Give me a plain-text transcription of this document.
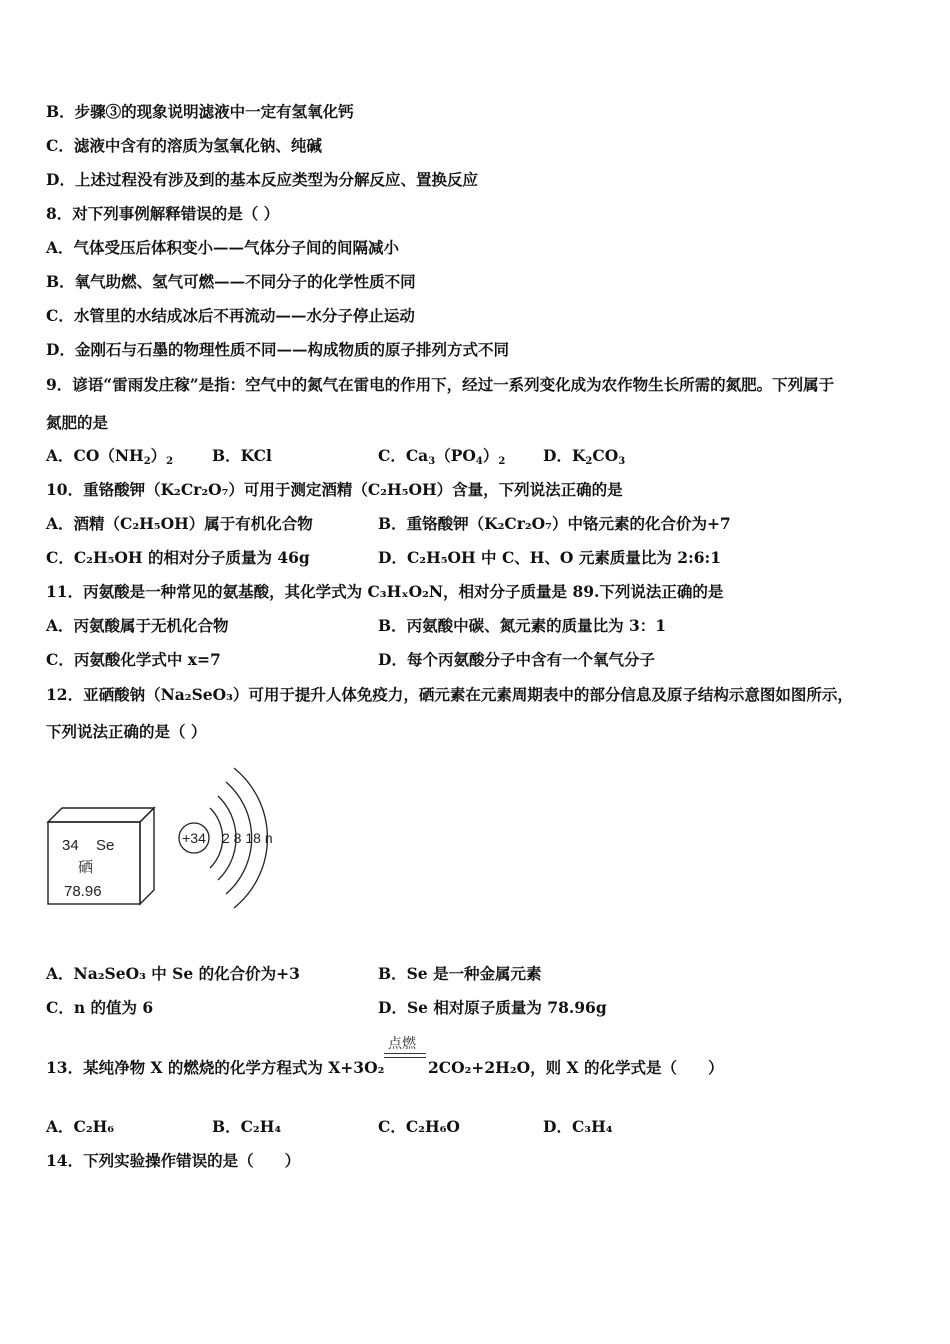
B．步骤③的现象说明滤液中一定有氢氧化钙
C．滤液中含有的溶质为氢氧化钠、纯碱
D．上述过程没有涉及到的基本反应类型为分解反应、置换反应
8．对下列事例解释错误的是（ ）
A．气体受压后体积变小——气体分子间的间隔减小
B．氧气助燃、氢气可燃——不同分子的化学性质不同
C．水管里的水结成冰后不再流动——水分子停止运动
D．金刚石与石墨的物理性质不同——构成物质的原子排列方式不同
9．谚语“雷雨发庄稼”是指：空气中的氮气在雷电的作用下，经过一系列变化成为农作物生长所需的氮肥。下列属于
氮肥的是
A．$CO(NH_2)_2$	B．KCl	C．$Ca_3(PO_4)_2$ D．$K_2CO_3$
10．重铬酸钾（K₂Cr₂O₇）可用于测定酒精（C₂H₅OH）含量，下列说法正确的是
A．酒精（C₂H₅OH）属于有机化合物	B．重铬酸钾（K₂Cr₂O₇）中铬元素的化合价为+7
C．C₂H₅OH 的相对分子质量为 46g	D．C₂H₅OH 中 C、H、O 元素质量比为 2:6:1
11．丙氨酸是一种常见的氨基酸，其化学式为 C₃HₓO₂N，相对分子质量是 89.下列说法正确的是
A．丙氨酸属于无机化合物	B．丙氨酸中碳、氮元素的质量比为 3：1
C．丙氨酸化学式中 x=7	D．每个丙氨酸分子中含有一个氧气分子
12．亚硒酸钠（Na₂SeO₃）可用于提升人体免疫力，硒元素在元素周期表中的部分信息及原子结构示意图如图所示，
下列说法正确的是（ ）
34 Se
硒
78.96
+34 2 8 18 n
A．Na₂SeO₃ 中 Se 的化合价为+3	B．Se 是一种金属元素
C．n 的值为 6	D．Se 相对原子质量为 78.96g
点燃
13．某纯净物 X 的燃烧的化学方程式为 X+3O₂	2CO₂+2H₂O，则 X 的化学式是（　　）
A．C₂H₆	B．C₂H₄	C．C₂H₆O	D．C₃H₄
14．下列实验操作错误的是（　　）
